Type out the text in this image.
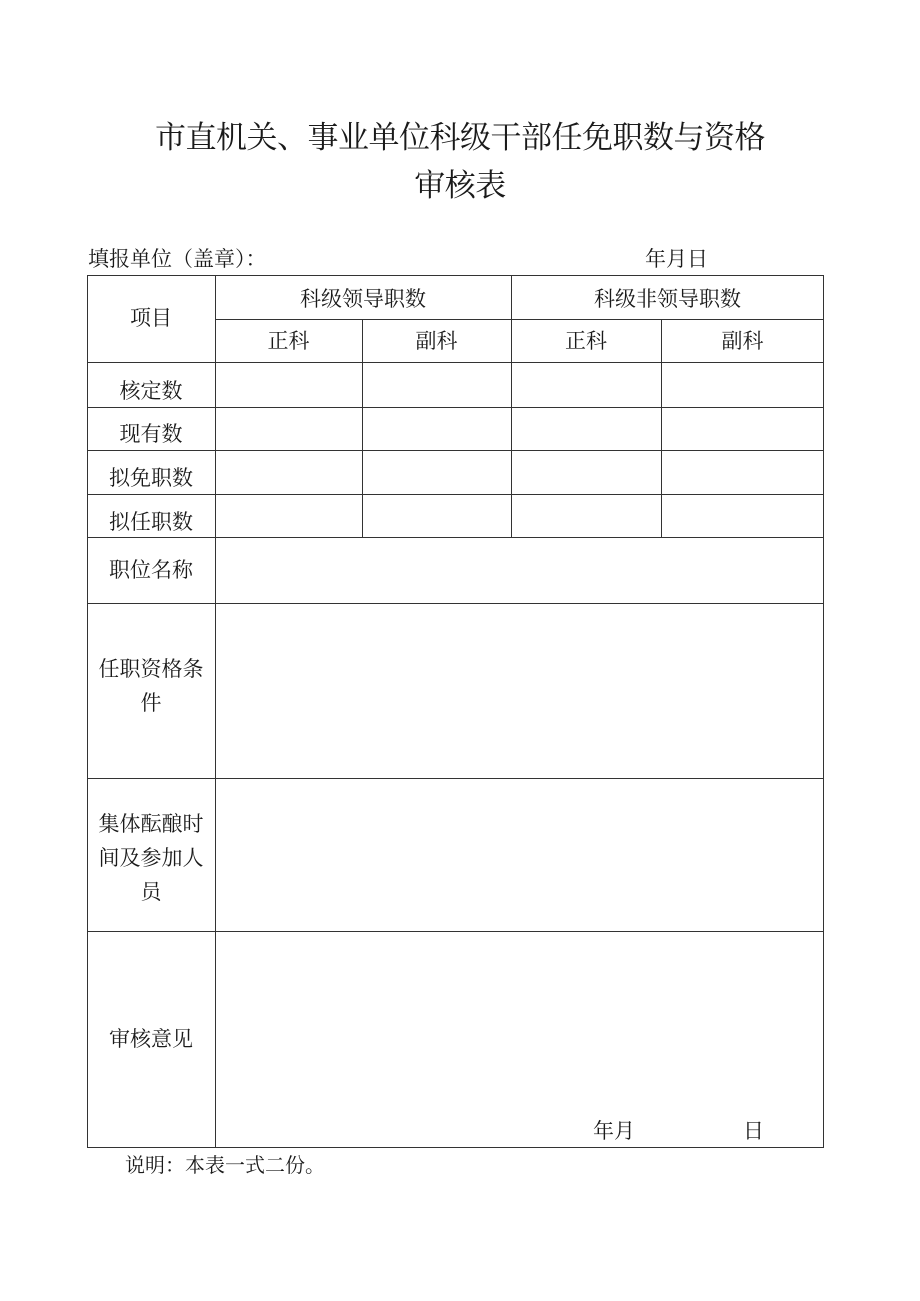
市直机关、事业单位科级干部任免职数与资格
审核表
填报单位（盖章）：	年月日
项目
科级领导职数	科级非领导职数
正科	副科	正科	副科
核定数
现有数
拟免职数
拟任职数
职位名称
任职资格条
件
集体酝酿时
间及参加人
员
审核意见
年月	日
说明：本表一式二份。
